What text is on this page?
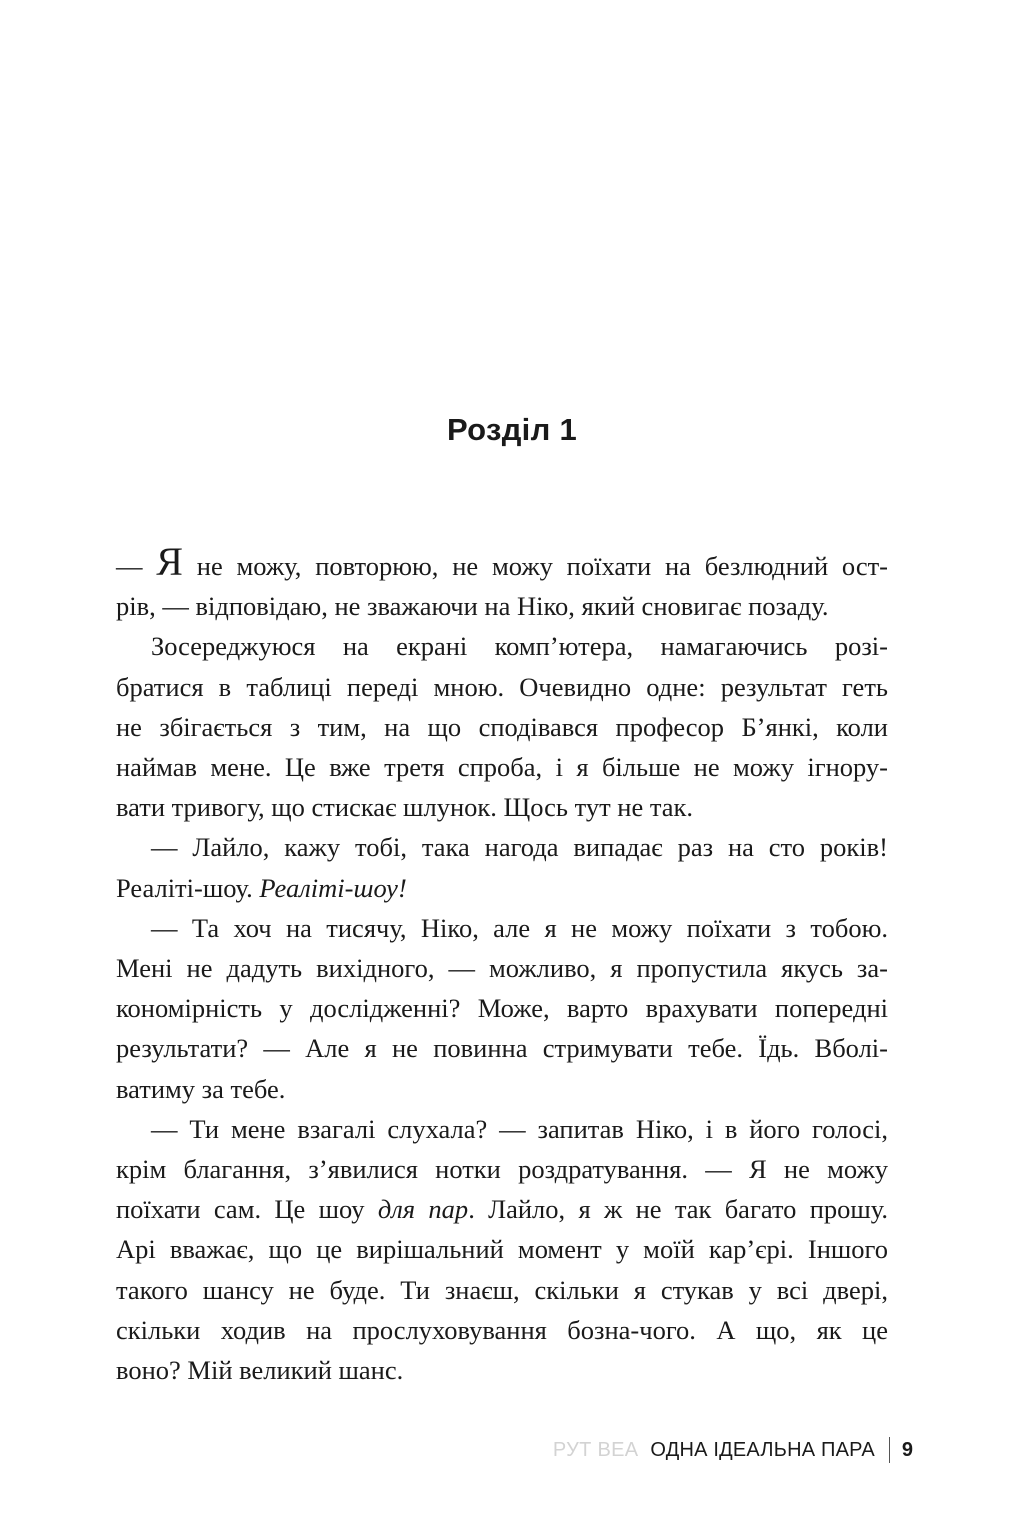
Розділ 1
— Я не можу, повторюю, не можу поїхати на безлюдний ост-
рів, — відповідаю, не зважаючи на Ніко, який сновигає позаду.
Зосереджуюся на екрані комп’ютера, намагаючись розі-
братися в таблиці переді мною. Очевидно одне: результат геть
не збігається з тим, на що сподівався професор Б’янкі, коли
наймав мене. Це вже третя спроба, і я більше не можу ігнору-
вати тривогу, що стискає шлунок. Щось тут не так.
— Лайло, кажу тобі, така нагода випадає раз на сто років!
Реаліті-шоу. Реаліті-шоу!
— Та хоч на тисячу, Ніко, але я не можу поїхати з тобою.
Мені не дадуть вихідного, — можливо, я пропустила якусь за-
кономірність у дослідженні? Може, варто врахувати попередні
результати? — Але я не повинна стримувати тебе. Їдь. Вболі-
ватиму за тебе.
— Ти мене взагалі слухала? — запитав Ніко, і в його голосі,
крім благання, з’явилися нотки роздратування. — Я не можу
поїхати сам. Це шоу для пар. Лайло, я ж не так багато прошу.
Арі вважає, що це вирішальний момент у моїй кар’єрі. Іншого
такого шансу не буде. Ти знаєш, скільки я стукав у всі двері,
скільки ходив на прослуховування бозна-чого. А що, як це
воно? Мій великий шанс.
РУТ ВЕА ОДНА ІДЕАЛЬНА ПАРА 9
